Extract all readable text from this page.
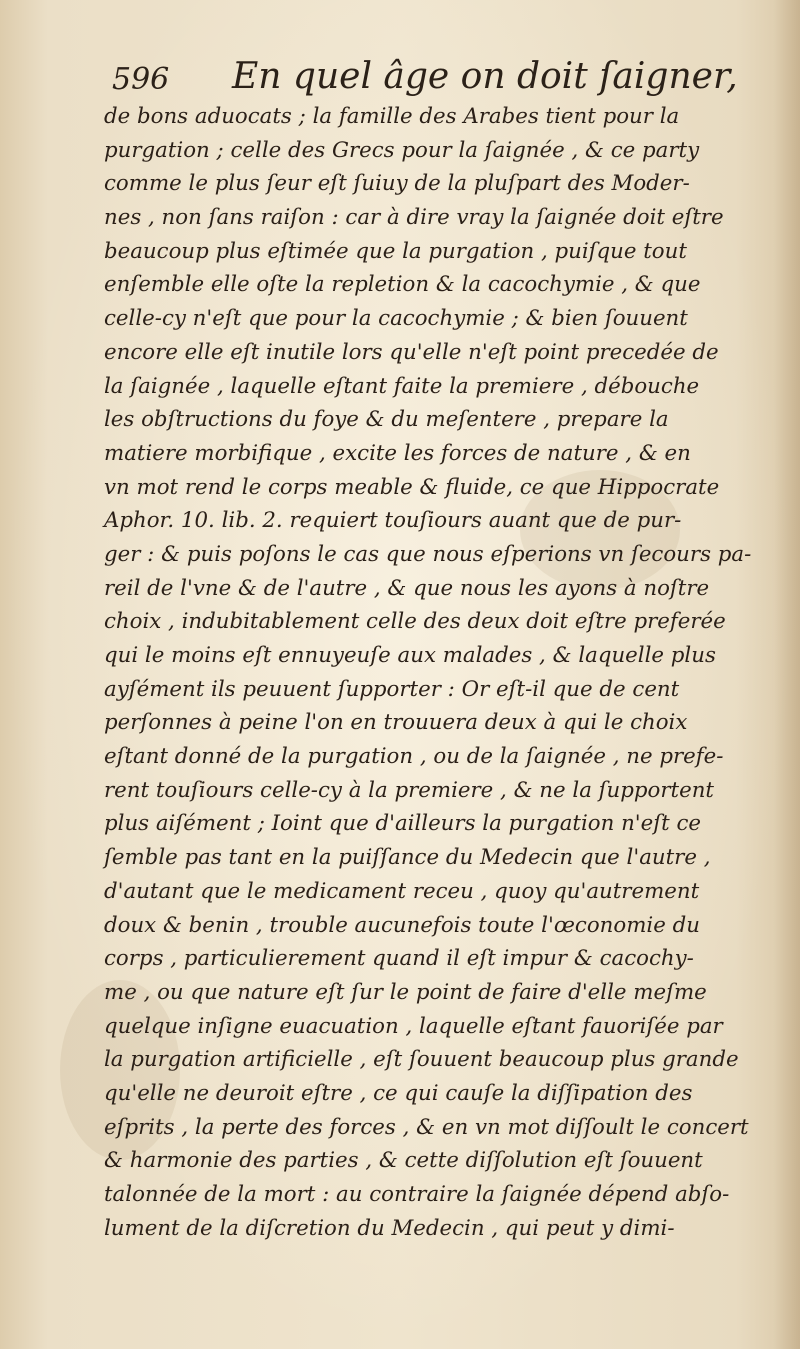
596 En quel âge on doit ſaigner,
de bons aduocats ; la famille des Arabes tient pour la
purgation ; celle des Grecs pour la ſaignée , & ce party
comme le plus ſeur eſt ſuiuy de la pluſpart des Moder-
nes , non ſans raiſon : car à dire vray la ſaignée doit eſtre
beaucoup plus eſtimée que la purgation , puiſque tout
enſemble elle oſte la repletion & la cacochymie , & que
celle-cy n'eſt que pour la cacochymie ; & bien ſouuent
encore elle eſt inutile lors qu'elle n'eſt point precedée de
la ſaignée , laquelle eſtant faite la premiere , débouche
les obſtructions du foye & du meſentere , prepare la
matiere morbifique , excite les forces de nature , & en
vn mot rend le corps meable & fluide, ce que Hippocrate
Aphor. 10. lib. 2. requiert touſiours auant que de pur-
ger : & puis poſons le cas que nous eſperions vn ſecours pa-
reil de l'vne & de l'autre , & que nous les ayons à noſtre
choix , indubitablement celle des deux doit eſtre preferée
qui le moins eſt ennuyeuſe aux malades , & laquelle plus
ayſément ils peuuent ſupporter : Or eſt-il que de cent
perſonnes à peine l'on en trouuera deux à qui le choix
eſtant donné de la purgation , ou de la ſaignée , ne prefe-
rent touſiours celle-cy à la premiere , & ne la ſupportent
plus aiſément ; Ioint que d'ailleurs la purgation n'eſt ce
ſemble pas tant en la puiſſance du Medecin que l'autre ,
d'autant que le medicament receu , quoy qu'autrement
doux & benin , trouble aucunefois toute l'œconomie du
corps , particulierement quand il eſt impur & cacochy-
me , ou que nature eſt ſur le point de faire d'elle meſme
quelque inſigne euacuation , laquelle eſtant fauoriſée par
la purgation artificielle , eſt ſouuent beaucoup plus grande
qu'elle ne deuroit eſtre , ce qui cauſe la diſſipation des
eſprits , la perte des forces , & en vn mot diſſoult le concert
& harmonie des parties , & cette diſſolution eſt ſouuent
talonnée de la mort : au contraire la ſaignée dépend abſo-
lument de la diſcretion du Medecin , qui peut y dimi-
